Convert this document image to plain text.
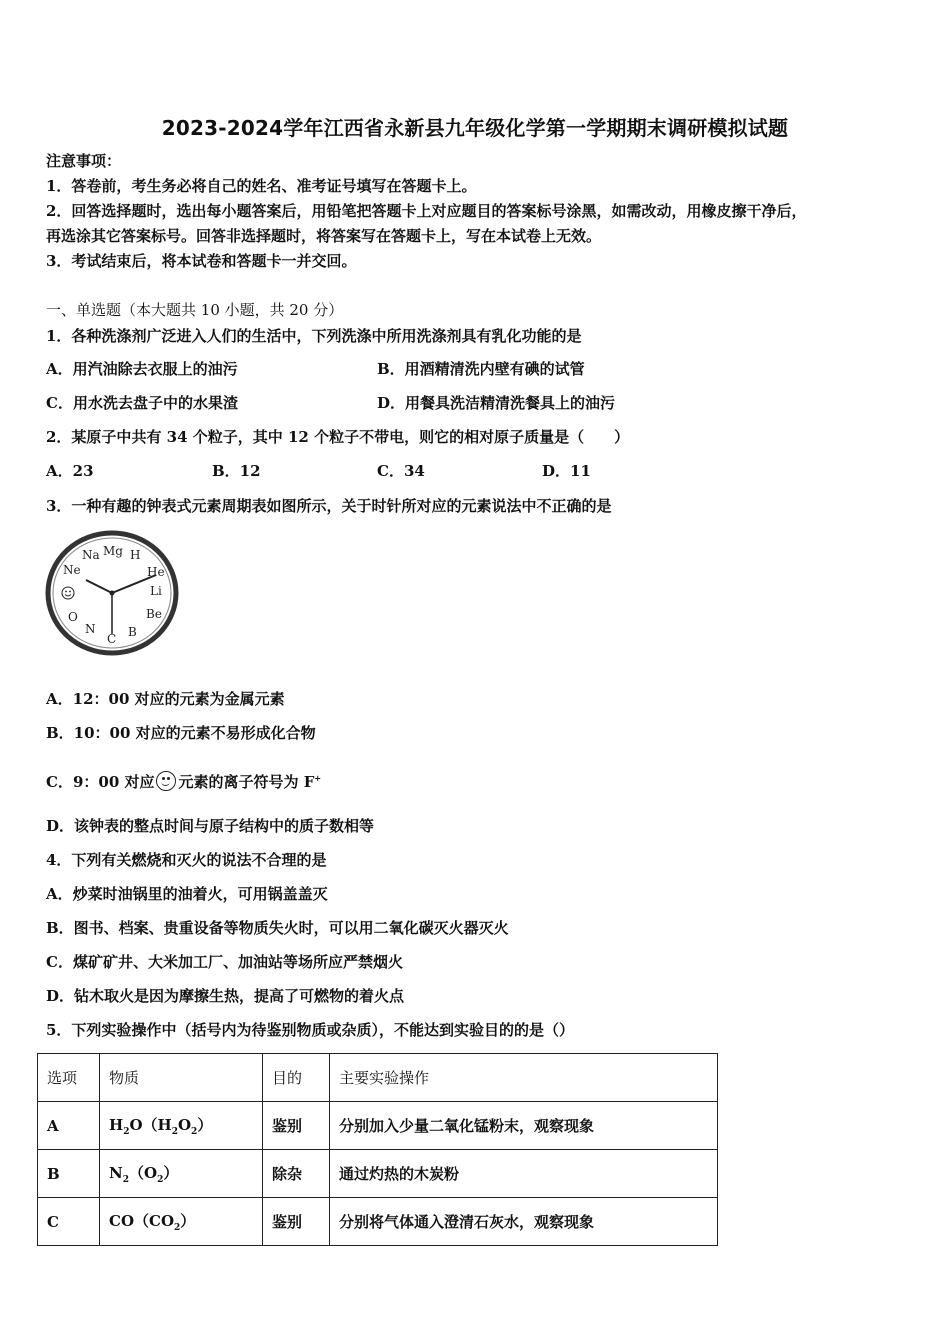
2023-2024学年江西省永新县九年级化学第一学期期末调研模拟试题
注意事项：
1．答卷前，考生务必将自己的姓名、准考证号填写在答题卡上。
2．回答选择题时，选出每小题答案后，用铅笔把答题卡上对应题目的答案标号涂黑，如需改动，用橡皮擦干净后，
再选涂其它答案标号。回答非选择题时，将答案写在答题卡上，写在本试卷上无效。
3．考试结束后，将本试卷和答题卡一并交回。
一、单选题（本大题共 10 小题，共 20 分）
1．各种洗涤剂广泛进入人们的生活中，下列洗涤中所用洗涤剂具有乳化功能的是
A．用汽油除去衣服上的油污	B．用酒精清洗内壁有碘的试管
C．用水洗去盘子中的水果渣	D．用餐具洗洁精清洗餐具上的油污
2．某原子中共有 34 个粒子，其中 12 个粒子不带电，则它的相对原子质量是（　　）
A．23	B．12	C．34	D．11
3．一种有趣的钟表式元素周期表如图所示，关于时针所对应的元素说法中不正确的是
Mg H
He
Li
Be
B
C
N
O
Ne
Na
A．12：00 对应的元素为金属元素
B．10：00 对应的元素不易形成化合物
C．9：00 对应 元素的离子符号为 F+
D．该钟表的整点时间与原子结构中的质子数相等
4．下列有关燃烧和灭火的说法不合理的是
A．炒菜时油锅里的油着火，可用锅盖盖灭
B．图书、档案、贵重设备等物质失火时，可以用二氧化碳灭火器灭火
C．煤矿矿井、大米加工厂、加油站等场所应严禁烟火
D．钻木取火是因为摩擦生热，提高了可燃物的着火点
5．下列实验操作中（括号内为待鉴别物质或杂质），不能达到实验目的的是（）
选项	物质	目的	主要实验操作
A	$H_2O(H_2O_2)$	鉴别	分别加入少量二氧化锰粉末，观察现象
B	$N_2(O_2)$	除杂	通过灼热的木炭粉
C	$CO(CO_2)$	鉴别	分别将气体通入澄清石灰水，观察现象
